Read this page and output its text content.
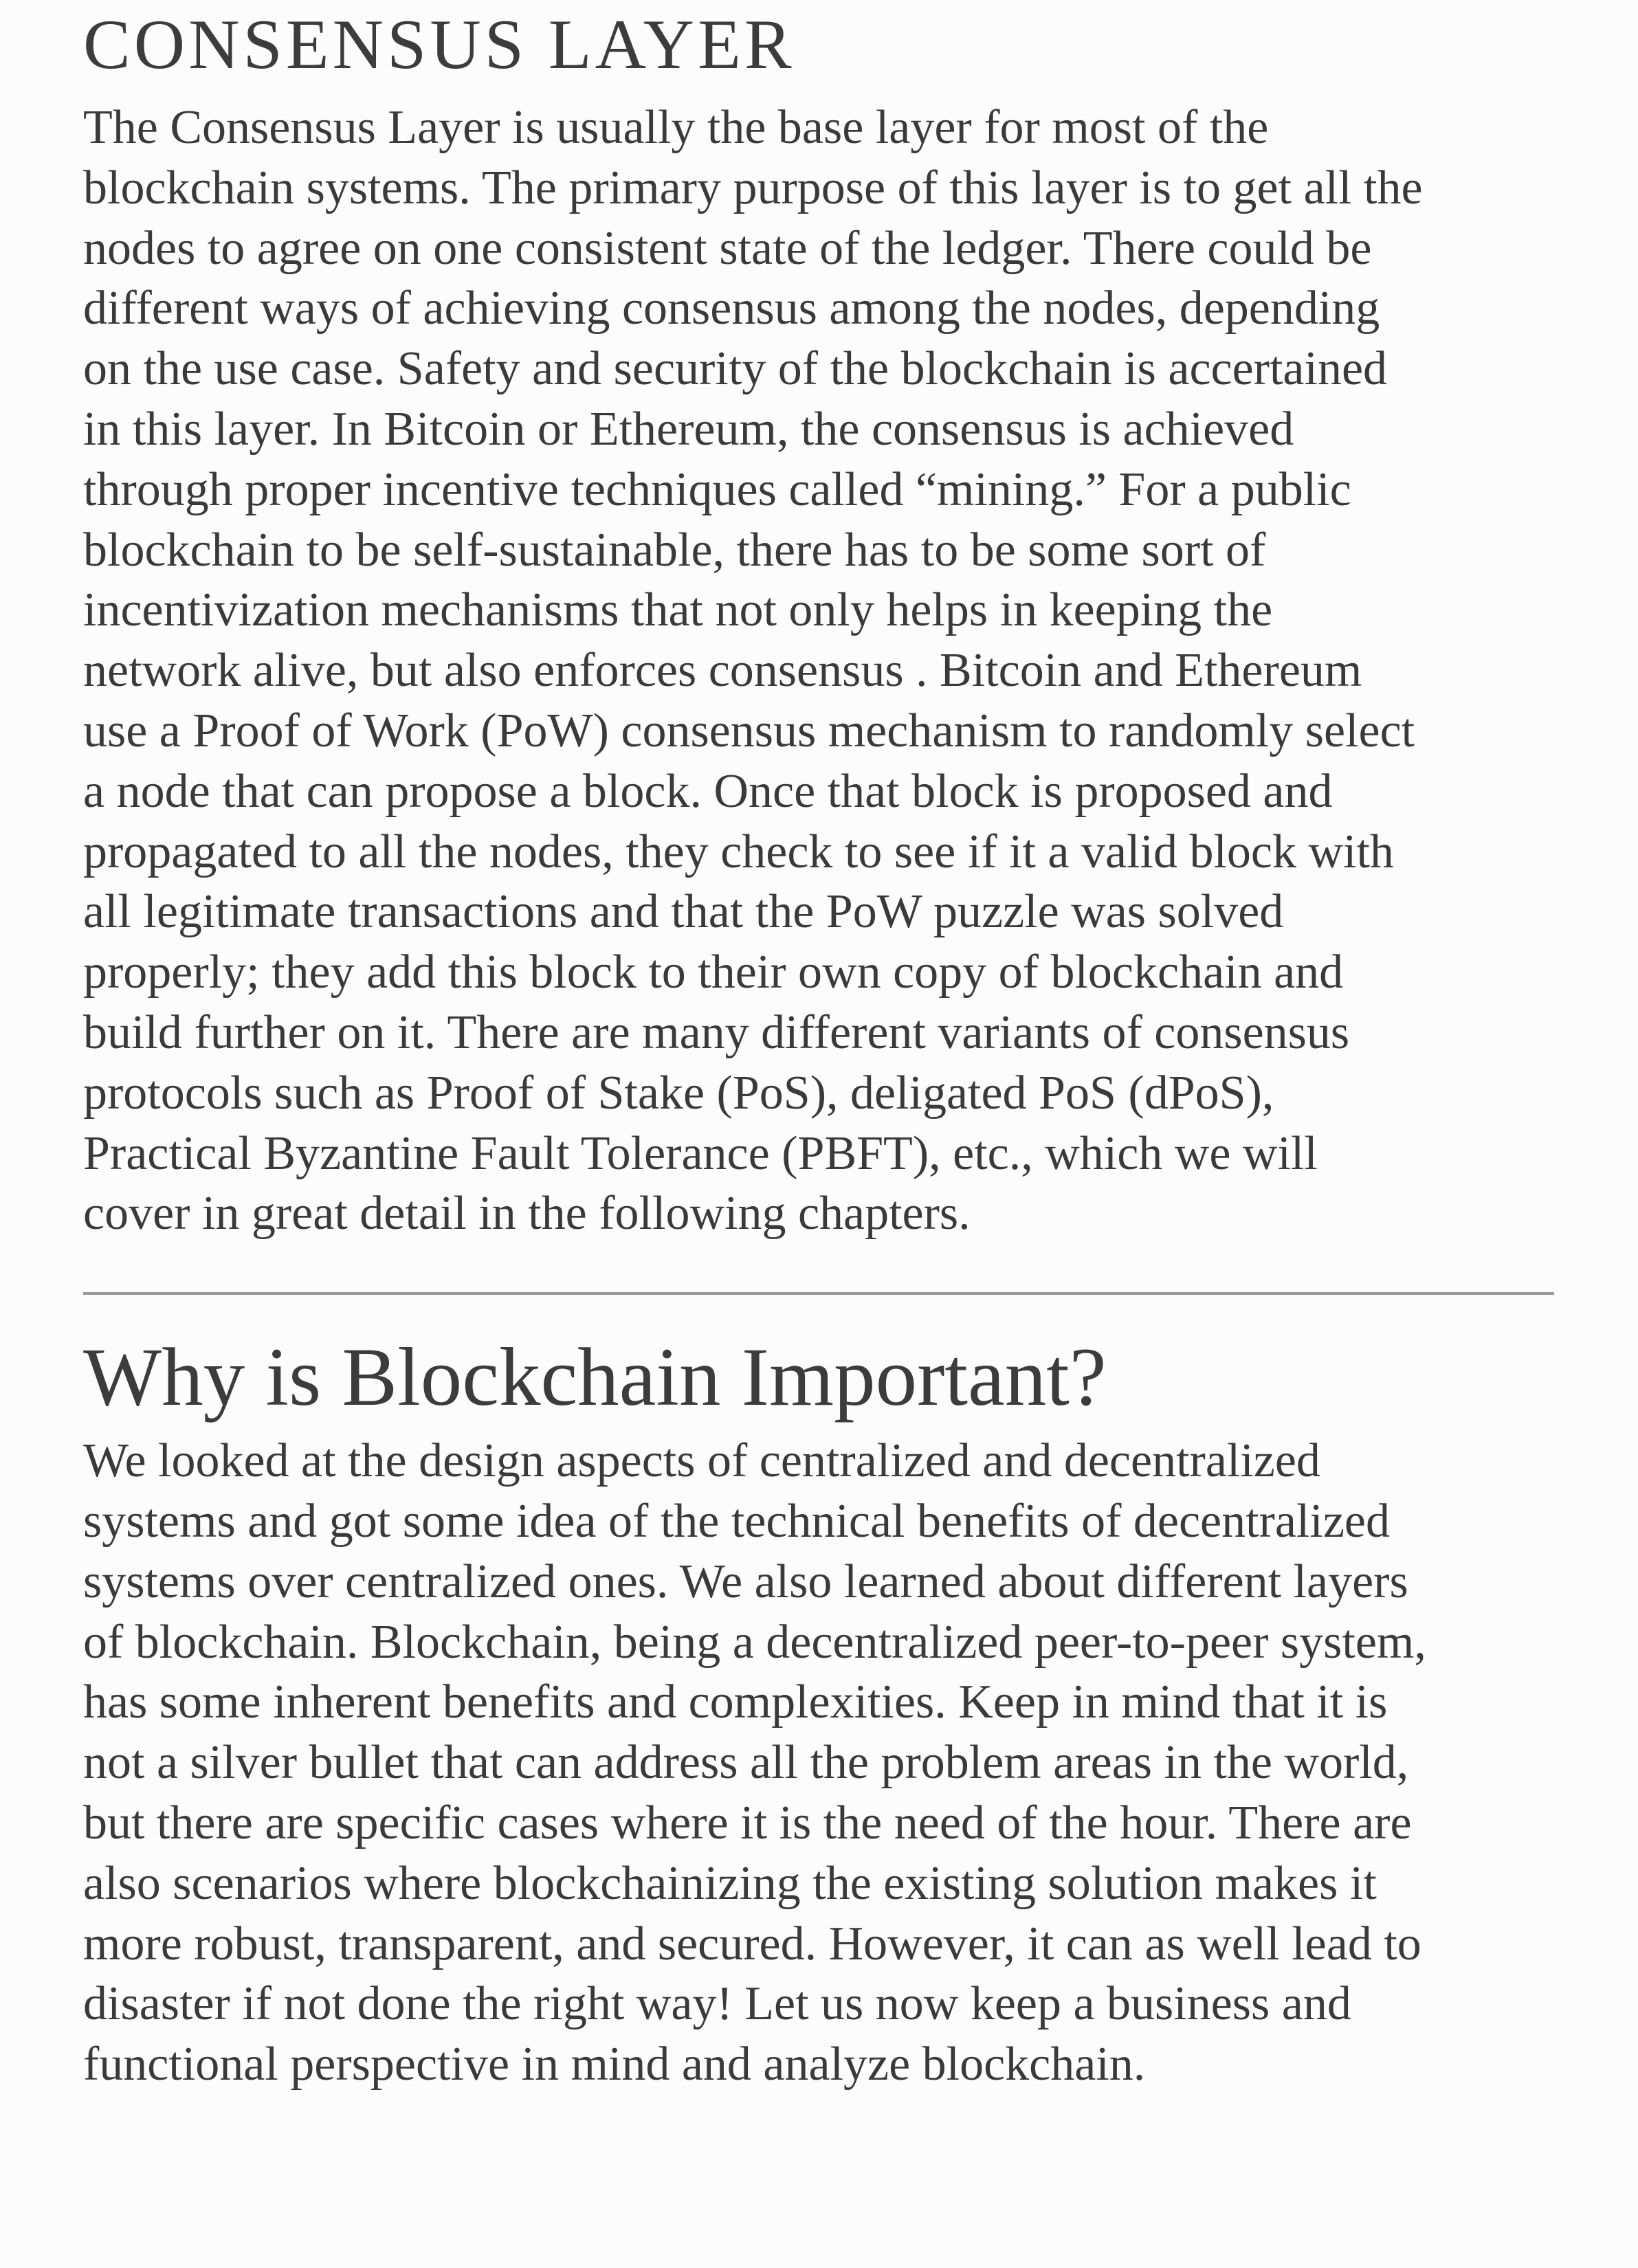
CONSENSUS LAYER

The Consensus Layer is usually the base layer for most of the
blockchain systems. The primary purpose of this layer is to get all the
nodes to agree on one consistent state of the ledger. There could be
different ways of achieving consensus among the nodes, depending
on the use case. Safety and security of the blockchain is accertained
in this layer. In Bitcoin or Ethereum, the consensus is achieved
through proper incentive techniques called “mining.” For a public
blockchain to be self-sustainable, there has to be some sort of
incentivization mechanisms that not only helps in keeping the
network alive, but also enforces consensus . Bitcoin and Ethereum
use a Proof of Work (PoW) consensus mechanism to randomly select
a node that can propose a block. Once that block is proposed and
propagated to all the nodes, they check to see if it a valid block with
all legitimate transactions and that the PoW puzzle was solved
properly; they add this block to their own copy of blockchain and
build further on it. There are many different variants of consensus
protocols such as Proof of Stake (PoS), deligated PoS (dPoS),
Practical Byzantine Fault Tolerance (PBFT), etc., which we will
cover in great detail in the following chapters.

Why is Blockchain Important?

We looked at the design aspects of centralized and decentralized
systems and got some idea of the technical benefits of decentralized
systems over centralized ones. We also learned about different layers
of blockchain. Blockchain, being a decentralized peer-to-peer system,
has some inherent benefits and complexities. Keep in mind that it is
not a silver bullet that can address all the problem areas in the world,
but there are specific cases where it is the need of the hour. There are
also scenarios where blockchainizing the existing solution makes it
more robust, transparent, and secured. However, it can as well lead to
disaster if not done the right way! Let us now keep a business and
functional perspective in mind and analyze blockchain.
